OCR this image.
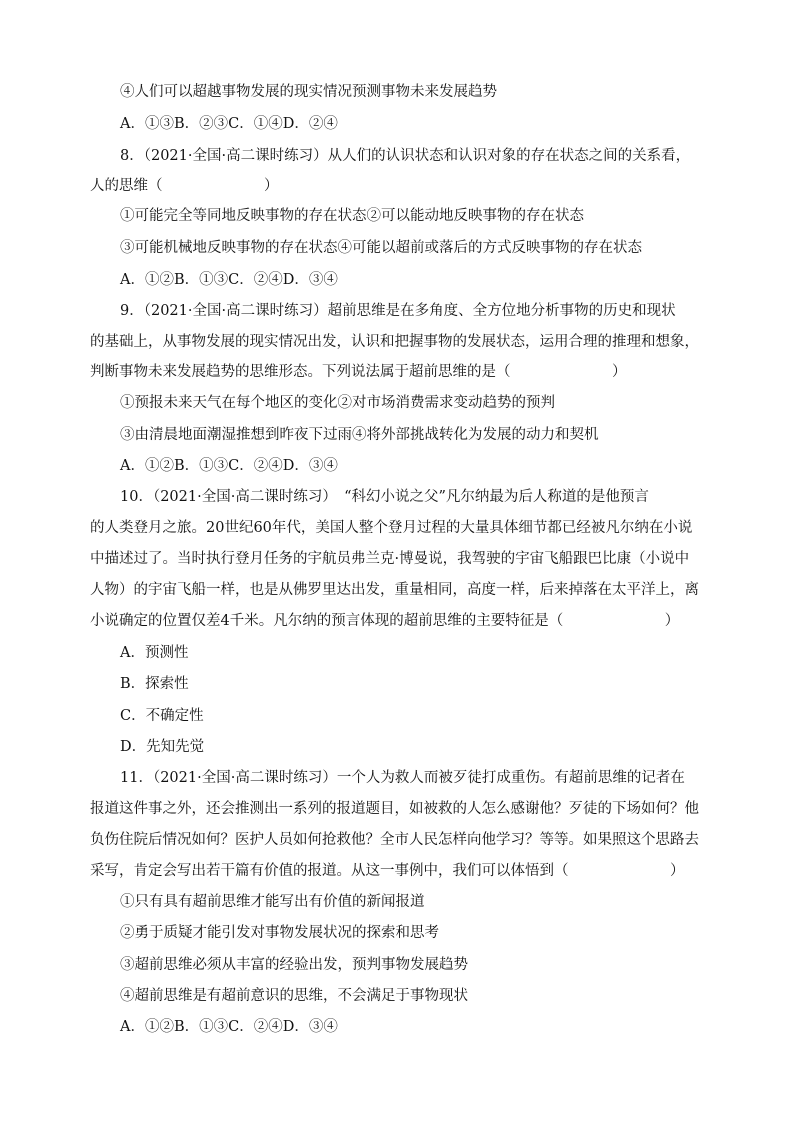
④人们可以超越事物发展的现实情况预测事物未来发展趋势
A．①③B．②③C．①④D．②④
8．（2021·全国·高二课时练习）从人们的认识状态和认识对象的存在状态之间的关系看，
人的思维（　　　　　　　）
①可能完全等同地反映事物的存在状态②可以能动地反映事物的存在状态
③可能机械地反映事物的存在状态④可能以超前或落后的方式反映事物的存在状态
A．①②B．①③C．②④D．③④
9．（2021·全国·高二课时练习）超前思维是在多角度、全方位地分析事物的历史和现状
的基础上，从事物发展的现实情况出发，认识和把握事物的发展状态，运用合理的推理和想象，
判断事物未来发展趋势的思维形态。下列说法属于超前思维的是（　　　　　　　）
①预报未来天气在每个地区的变化②对市场消费需求变动趋势的预判
③由清晨地面潮湿推想到昨夜下过雨④将外部挑战转化为发展的动力和契机
A．①②B．①③C．②④D．③④
10．（2021·全国·高二课时练习）　“科幻小说之父”凡尔纳最为后人称道的是他预言
的人类登月之旅。20世纪60年代，美国人整个登月过程的大量具体细节都已经被凡尔纳在小说
中描述过了。当时执行登月任务的宇航员弗兰克·博曼说，我驾驶的宇宙飞船跟巴比康（小说中
人物）的宇宙飞船一样，也是从佛罗里达出发，重量相同，高度一样，后来掉落在太平洋上，离
小说确定的位置仅差4千米。凡尔纳的预言体现的超前思维的主要特征是（　　　　　　　）
A．预测性
B．探索性
C．不确定性
D．先知先觉
11．（2021·全国·高二课时练习）一个人为救人而被歹徒打成重伤。有超前思维的记者在
报道这件事之外，还会推测出一系列的报道题目，如被救的人怎么感谢他？歹徒的下场如何？他
负伤住院后情况如何？医护人员如何抢救他？全市人民怎样向他学习？等等。如果照这个思路去
采写，肯定会写出若干篇有价值的报道。从这一事例中，我们可以体悟到（　　　　　　　）
①只有具有超前思维才能写出有价值的新闻报道
②勇于质疑才能引发对事物发展状况的探索和思考
③超前思维必须从丰富的经验出发，预判事物发展趋势
④超前思维是有超前意识的思维，不会满足于事物现状
A．①②B．①③C．②④D．③④
